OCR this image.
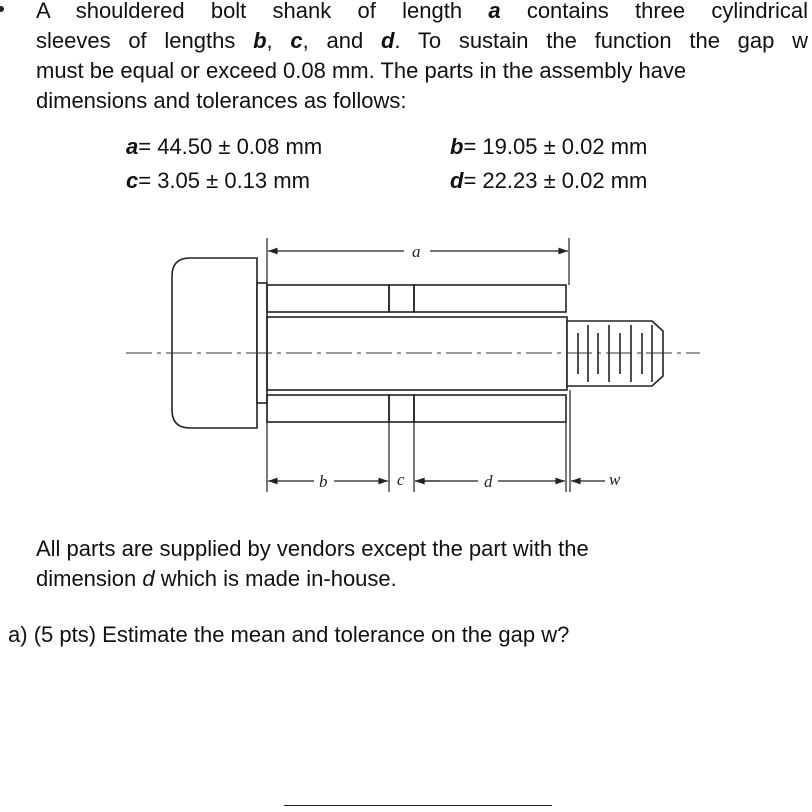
A shouldered bolt shank of length a contains three cylindrical
sleeves of lengths b, c, and d. To sustain the function the gap w
must be equal or exceed 0.08 mm. The parts in the assembly have
dimensions and tolerances as follows:
a= 44.50 ± 0.08 mm	b= 19.05 ± 0.02 mm
c= 3.05 ± 0.13 mm	d= 22.23 ± 0.02 mm
a
b	c	d	w
All parts are supplied by vendors except the part with the
dimension d which is made in-house.
a) (5 pts) Estimate the mean and tolerance on the gap w?
